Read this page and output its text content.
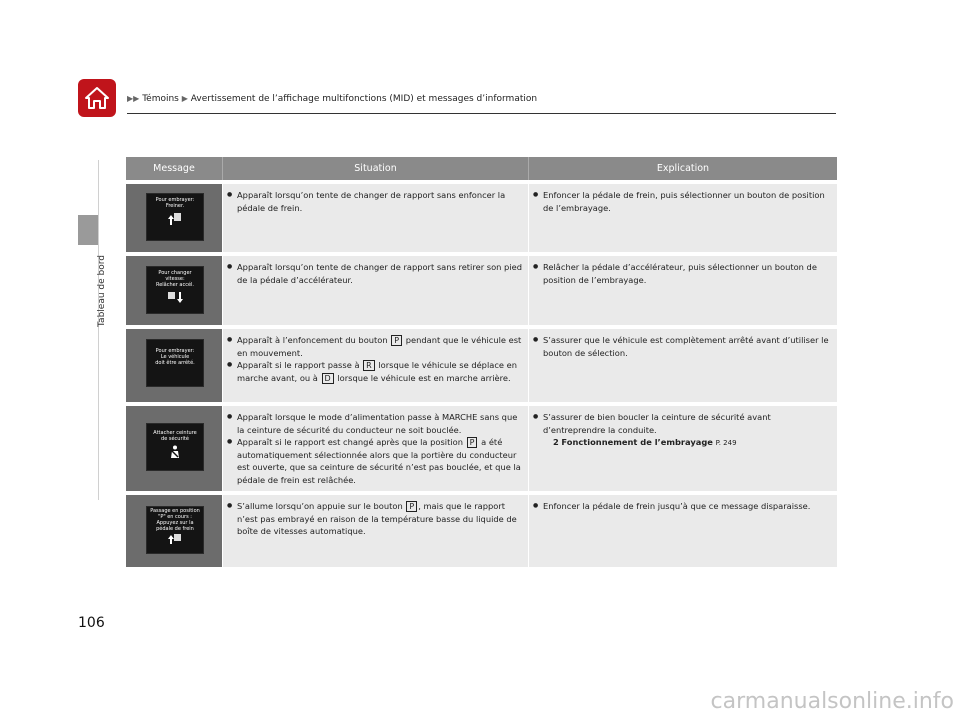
▶▶ Témoins ▶ Avertissement de l’affichage multifonctions (MID) et messages d’information
Tableau de bord
Message	Situation	Explication
Pour embrayer:
Freiner.
● Apparaît lorsqu’on tente de changer de rapport sans enfoncer la pédale de frein.
● Enfoncer la pédale de frein, puis sélectionner un bouton de position de l’embrayage.
Pour changer
vitesse:
Relâcher accél.
● Apparaît lorsqu’on tente de changer de rapport sans retirer son pied de la pédale d’accélérateur.
● Relâcher la pédale d’accélérateur, puis sélectionner un bouton de position de l’embrayage.
Pour embrayer:
Le véhicule
doit être arrêté.
● Apparaît à l’enfoncement du bouton P pendant que le véhicule est en mouvement.
● Apparaît si le rapport passe à R lorsque le véhicule se déplace en marche avant, ou à D lorsque le véhicule est en marche arrière.
● S’assurer que le véhicule est complètement arrêté avant d’utiliser le bouton de sélection.
Attacher ceinture
de sécurité
● Apparaît lorsque le mode d’alimentation passe à MARCHE sans que la ceinture de sécurité du conducteur ne soit bouclée.
● Apparaît si le rapport est changé après que la position P a été automatiquement sélectionnée alors que la portière du conducteur est ouverte, que sa ceinture de sécurité n’est pas bouclée, et que la pédale de frein est relâchée.
● S’assurer de bien boucler la ceinture de sécurité avant d’entreprendre la conduite.
2 Fonctionnement de l’embrayage P. 249
Passage en position
"P" en cours :
Appuyez sur la
pédale de frein
● S’allume lorsqu’on appuie sur le bouton P , mais que le rapport n’est pas embrayé en raison de la température basse du liquide de boîte de vitesses automatique.
● Enfoncer la pédale de frein jusqu’à que ce message disparaisse.
106
carmanualsonline.info
